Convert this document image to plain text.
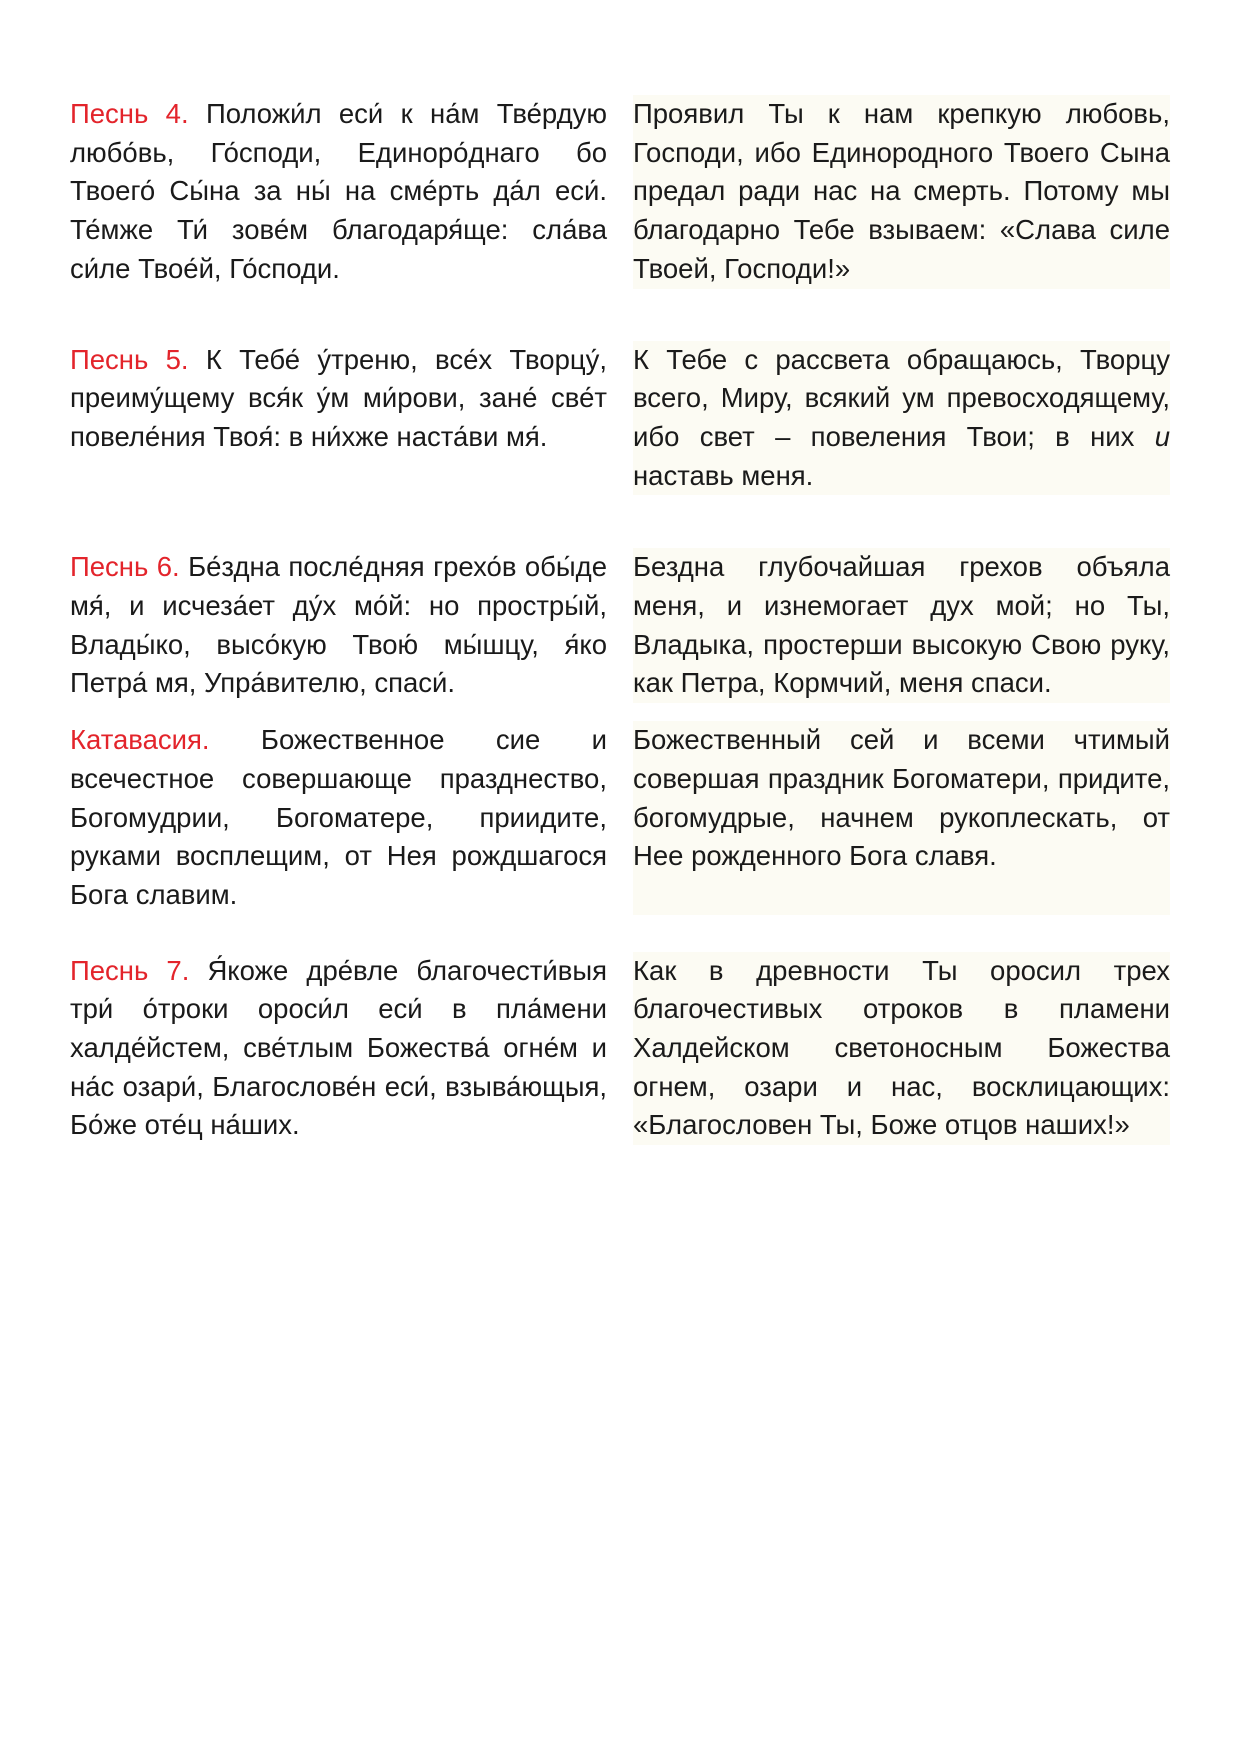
Песнь 4. Положи́л еси́ к на́м Тве́рдую любо́вь, Го́споди, Единоро́днаго бо Твоего́ Сы́на за ны́ на сме́рть да́л еси́. Те́мже Ти́ зове́м благодаря́ще: сла́ва си́ле Твое́й, Го́споди.
Проявил Ты к нам крепкую любовь, Господи, ибо Единородного Твоего Сына предал ради нас на смерть. Потому мы благодарно Тебе взываем: «Слава силе Твоей, Господи!»
Песнь 5. К Тебе́ у́треню, все́х Творцу́, преиму́щему вся́к у́м ми́рови, зане́ све́т повеле́ния Твоя́: в ни́хже наста́ви мя́.
К Тебе с рассвета обращаюсь, Творцу всего, Миру, всякий ум превосходящему, ибо свет – повеления Твои; в них и наставь меня.
Песнь 6. Бе́здна после́дняя грехо́в обы́де мя́, и исчеза́ет ду́х мо́й: но простры́й, Влады́ко, высо́кую Твою́ мы́шцу, я́ко Петра́ мя, Упра́вителю, спаси́.
Бездна глубочайшая грехов объяла меня, и изнемогает дух мой; но Ты, Владыка, простерши высокую Свою руку, как Петра, Кормчий, меня спаси.
Катавасия. Божественное сие и всечестное совершающе празднество, Богомудрии, Богоматере, приидите, руками восплещим, от Нея рождшагося Бога славим.
Божественный сей и всеми чтимый совершая праздник Богоматери, придите, богомудрые, начнем рукоплескать, от Нее рожденного Бога славя.
Песнь 7. Я́коже дре́вле благочести́выя три́ о́троки ороси́л еси́ в пла́мени халде́йстем, све́тлым Божества́ огне́м и на́с озари́, Благослове́н еси́, взыва́ющыя, Бо́же оте́ц на́ших.
Как в древности Ты оросил трех благочестивых отроков в пламени Халдейском светоносным Божества огнем, озари и нас, восклицающих: «Благословен Ты, Боже отцов наших!»
